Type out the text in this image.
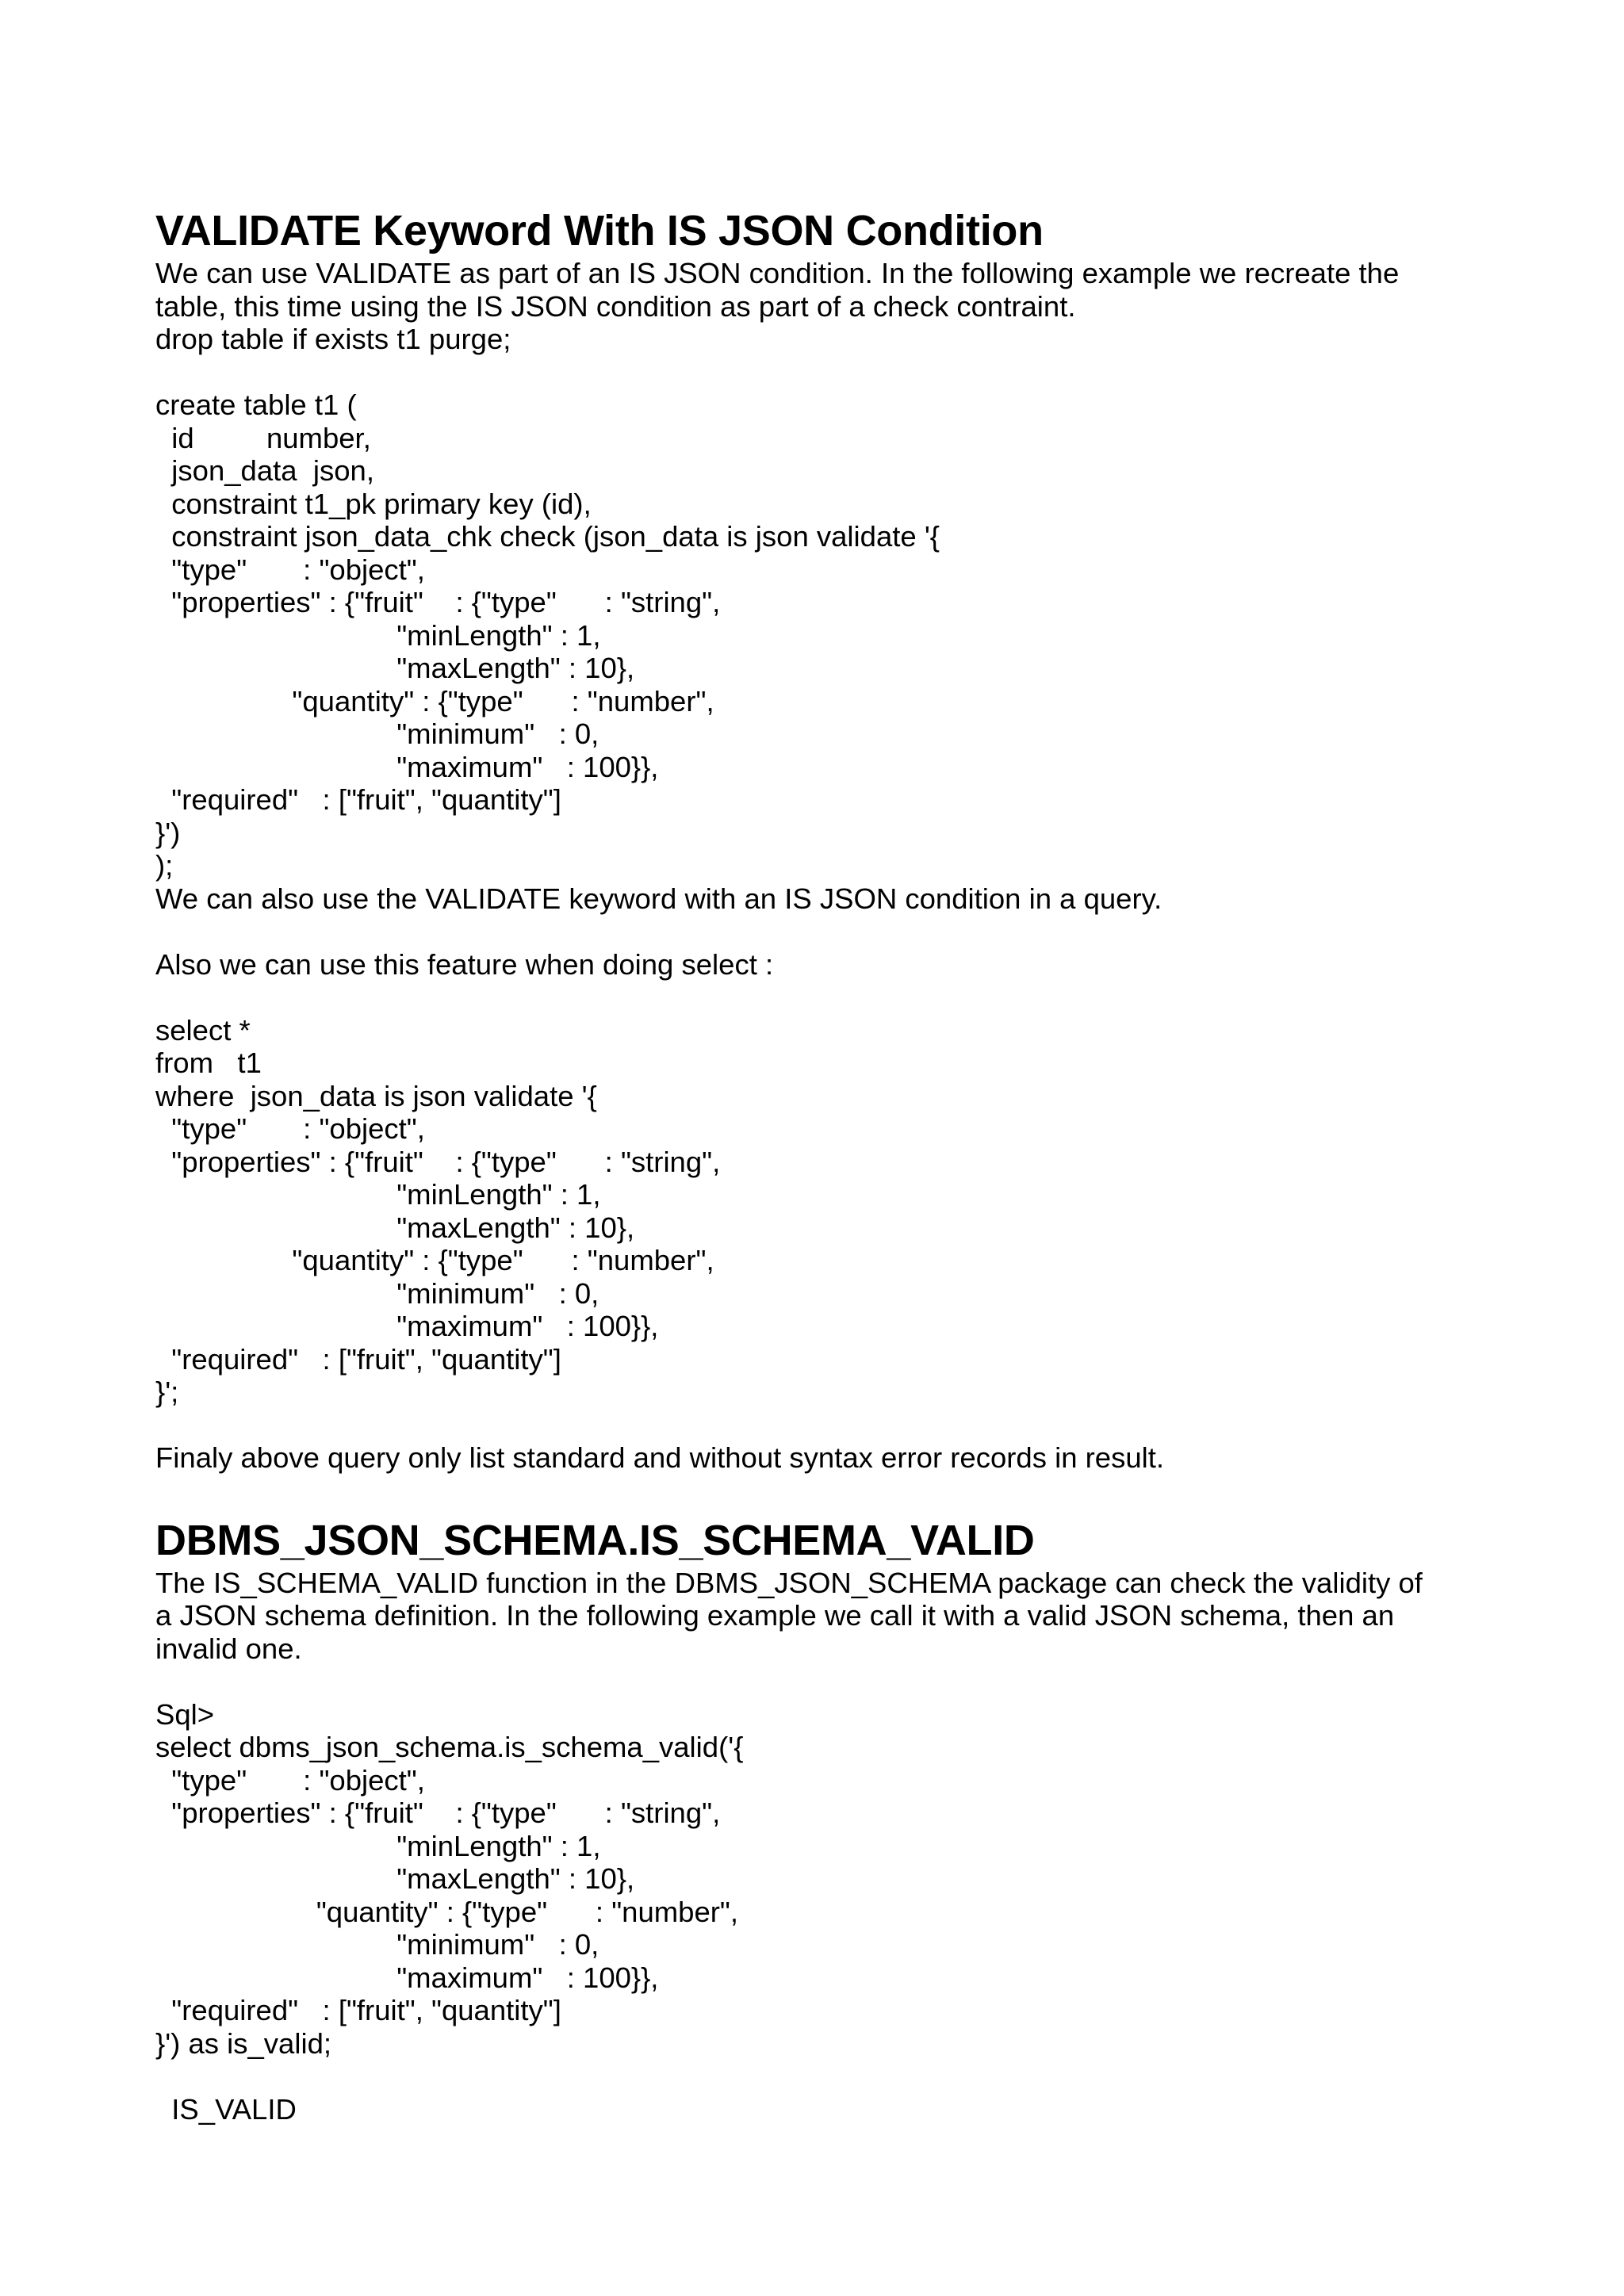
VALIDATE Keyword With IS JSON Condition

We can use VALIDATE as part of an IS JSON condition. In the following example we recreate the

table, this time using the IS JSON condition as part of a check contraint.

drop table if exists t1 purge;

create table t1 (

id         number,

json_data  json,

constraint t1_pk primary key (id),

constraint json_data_chk check (json_data is json validate '{

"type"       : "object",

"properties" : {"fruit"    : {"type"      : "string",

"minLength" : 1,

"maxLength" : 10},

"quantity" : {"type"      : "number",

"minimum"   : 0,

"maximum"   : 100}},

"required"   : ["fruit", "quantity"]

}')

);

We can also use the VALIDATE keyword with an IS JSON condition in a query.

Also we can use this feature when doing select :

select *

from   t1

where  json_data is json validate '{

"type"       : "object",

"properties" : {"fruit"    : {"type"      : "string",

"minLength" : 1,

"maxLength" : 10},

"quantity" : {"type"      : "number",

"minimum"   : 0,

"maximum"   : 100}},

"required"   : ["fruit", "quantity"]

}';

Finaly above query only list standard and without syntax error records in result.

DBMS_JSON_SCHEMA.IS_SCHEMA_VALID

The IS_SCHEMA_VALID function in the DBMS_JSON_SCHEMA package can check the validity of

a JSON schema definition. In the following example we call it with a valid JSON schema, then an

invalid one.

Sql>

select dbms_json_schema.is_schema_valid('{

"type"       : "object",

"properties" : {"fruit"    : {"type"      : "string",

"minLength" : 1,

"maxLength" : 10},

"quantity" : {"type"      : "number",

"minimum"   : 0,

"maximum"   : 100}},

"required"   : ["fruit", "quantity"]

}') as is_valid;

IS_VALID
